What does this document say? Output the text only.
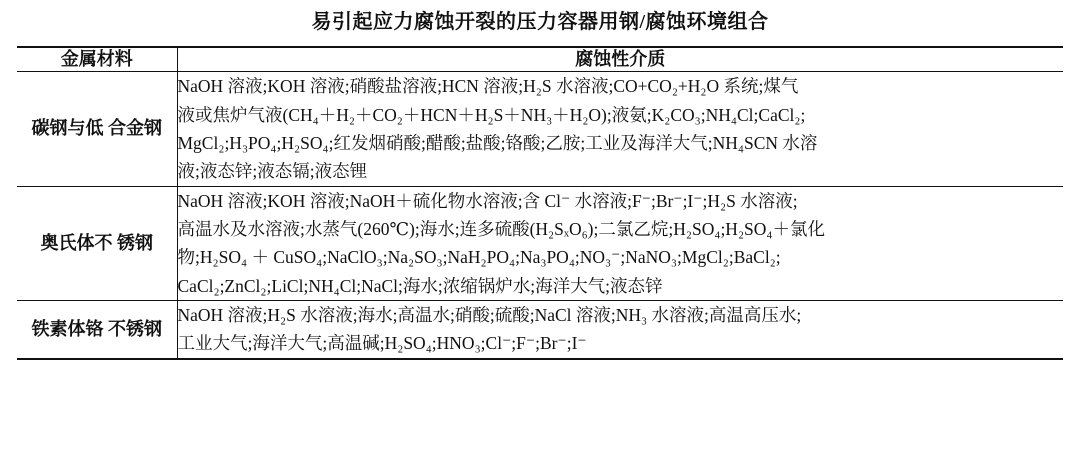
易引起应力腐蚀开裂的压力容器用钢/腐蚀环境组合
金属材料	腐蚀性介质
碳钢与低 合金钢	NaOH 溶液;KOH 溶液;硝酸盐溶液;HCN 溶液;H₂S 水溶液;CO+CO₂+H₂O 系统;煤气
液或焦炉气液(CH₄＋H₂＋CO₂＋HCN＋H₂S＋NH₃＋H₂O);液氨;K₂CO₃;NH₄Cl;CaCl₂;
MgCl₂;H₃PO₄;H₂SO₄;红发烟硝酸;醋酸;盐酸;铬酸;乙胺;工业及海洋大气;NH₄SCN 水溶
液;液态锌;液态镉;液态锂

奥氏体不 锈钢	NaOH 溶液;KOH 溶液;NaOH＋硫化物水溶液;含 Cl⁻ 水溶液;F⁻;Br⁻;I⁻;H₂S 水溶液;
高温水及水溶液;水蒸气(260℃);海水;连多硫酸(H₂SₓO₆);二氯乙烷;H₂SO₄;H₂SO₄＋氯化
物;H₂SO₄ ＋ CuSO₄;NaClO₃;Na₂SO₃;NaH₂PO₄;Na₃PO₄;NO₃⁻;NaNO₃;MgCl₂;BaCl₂;
CaCl₂;ZnCl₂;LiCl;NH₄Cl;NaCl;海水;浓缩锅炉水;海洋大气;液态锌

铁素体铬 不锈钢	NaOH 溶液;H₂S 水溶液;海水;高温水;硝酸;硫酸;NaCl 溶液;NH₃ 水溶液;高温高压水;
工业大气;海洋大气;高温碱;H₂SO₄;HNO₃;Cl⁻;F⁻;Br⁻;I⁻
